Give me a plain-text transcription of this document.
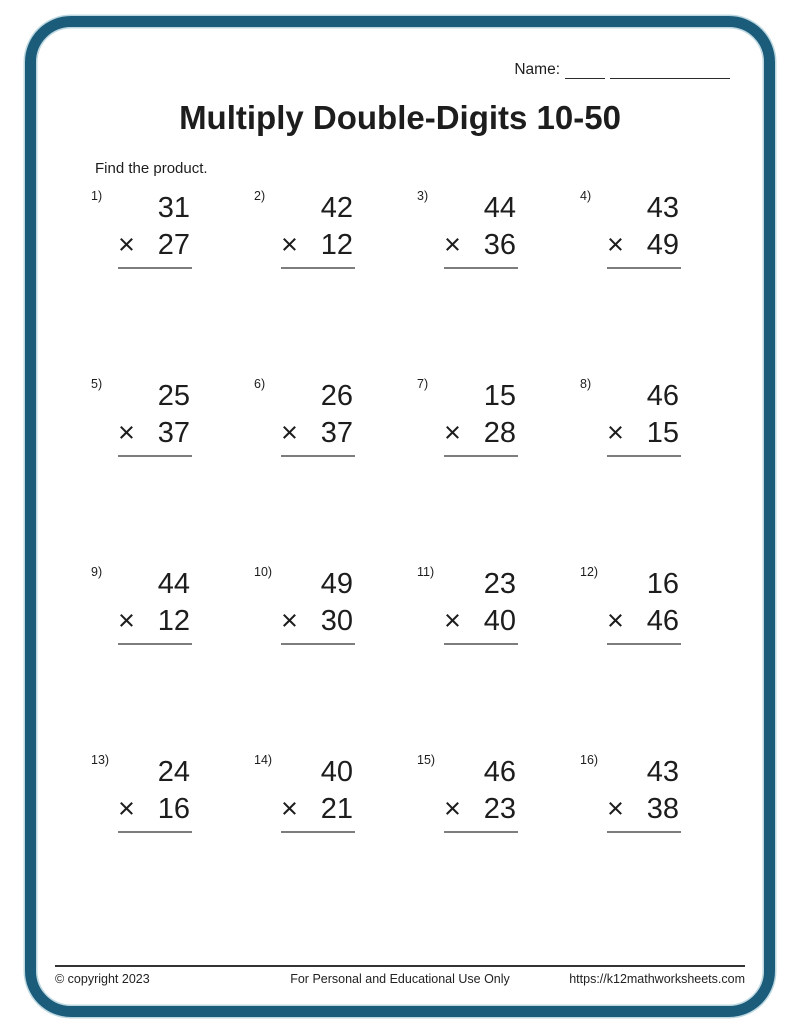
Name:
Multiply Double-Digits 10-50
Find the product.
1)	31
× 27
2)	42
× 12
3)	44
× 36
4)	43
× 49
5)	25
× 37
6)	26
× 37
7)	15
× 28
8)	46
× 15
9)	44
× 12
10)	49
× 30
11)	23
× 40
12)	16
× 46
13)	24
× 16
14)	40
× 21
15)	46
× 23
16)	43
× 38
© copyright 2023	For Personal and Educational Use Only	https://k12mathworksheets.com
